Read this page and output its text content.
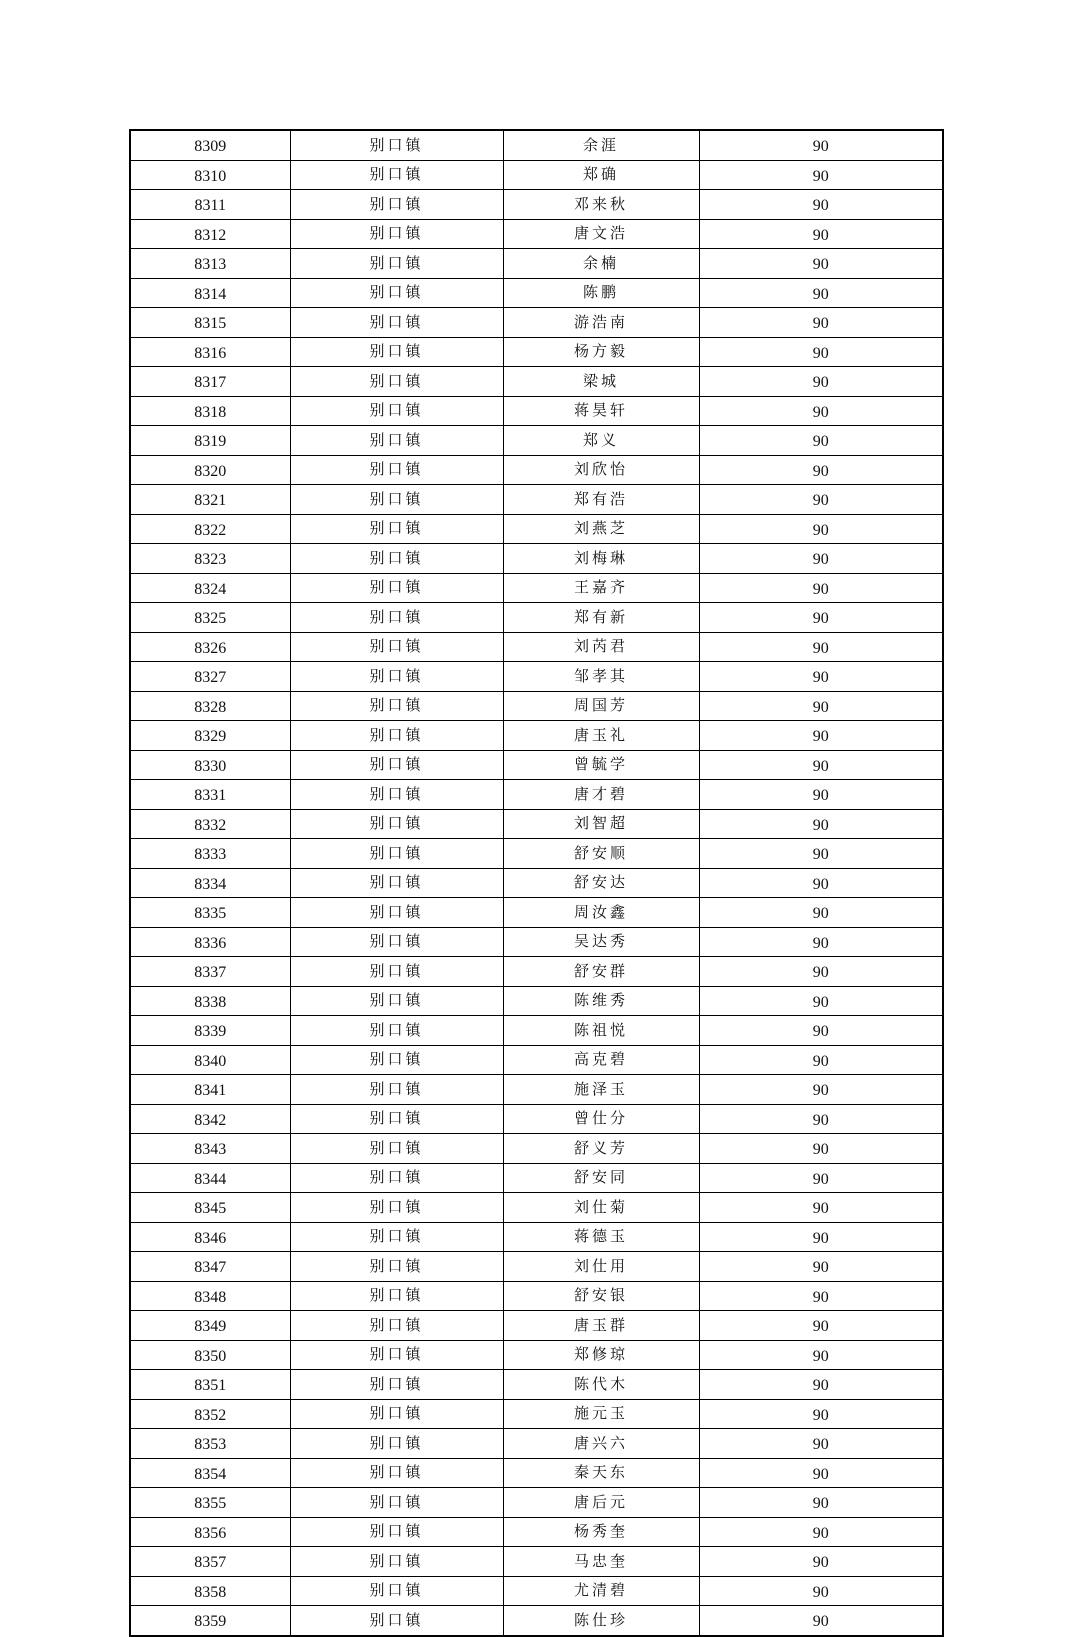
8309	别口镇	余涯	90
8310	别口镇	郑确	90
8311	别口镇	邓来秋	90
8312	别口镇	唐文浩	90
8313	别口镇	余楠	90
8314	别口镇	陈鹏	90
8315	别口镇	游浩南	90
8316	别口镇	杨方毅	90
8317	别口镇	梁城	90
8318	别口镇	蒋昊轩	90
8319	别口镇	郑义	90
8320	别口镇	刘欣怡	90
8321	别口镇	郑有浩	90
8322	别口镇	刘燕芝	90
8323	别口镇	刘梅琳	90
8324	别口镇	王嘉齐	90
8325	别口镇	郑有新	90
8326	别口镇	刘芮君	90
8327	别口镇	邹孝其	90
8328	别口镇	周国芳	90
8329	别口镇	唐玉礼	90
8330	别口镇	曾毓学	90
8331	别口镇	唐才碧	90
8332	别口镇	刘智超	90
8333	别口镇	舒安顺	90
8334	别口镇	舒安达	90
8335	别口镇	周汝鑫	90
8336	别口镇	吴达秀	90
8337	别口镇	舒安群	90
8338	别口镇	陈维秀	90
8339	别口镇	陈祖悦	90
8340	别口镇	高克碧	90
8341	别口镇	施泽玉	90
8342	别口镇	曾仕分	90
8343	别口镇	舒义芳	90
8344	别口镇	舒安同	90
8345	别口镇	刘仕菊	90
8346	别口镇	蒋德玉	90
8347	别口镇	刘仕用	90
8348	别口镇	舒安银	90
8349	别口镇	唐玉群	90
8350	别口镇	郑修琼	90
8351	别口镇	陈代木	90
8352	别口镇	施元玉	90
8353	别口镇	唐兴六	90
8354	别口镇	秦天东	90
8355	别口镇	唐后元	90
8356	别口镇	杨秀奎	90
8357	别口镇	马忠奎	90
8358	别口镇	尤清碧	90
8359	别口镇	陈仕珍	90
